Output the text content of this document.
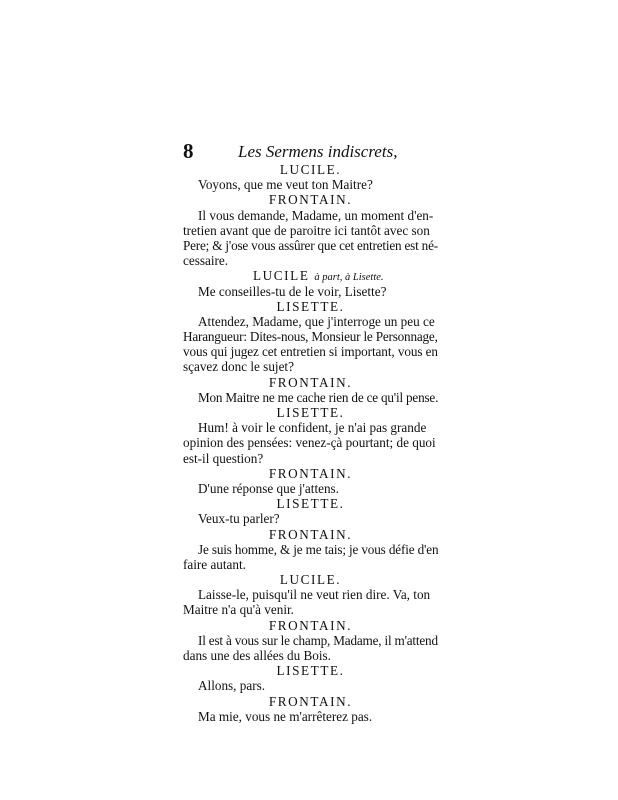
8	Les Sermens indiscrets,
LUCILE.
Voyons, que me veut ton Maitre?
FRONTAIN.
Il vous demande, Madame, un moment d'en-
tretien avant que de paroitre ici tantôt avec son
Pere; & j'ose vous assûrer que cet entretien est né-
cessaire.
LUCILE à part, à Lisette.
Me conseilles-tu de le voir, Lisette?
LISETTE.
Attendez, Madame, que j'interroge un peu ce
Harangueur: Dites-nous, Monsieur le Personnage,
vous qui jugez cet entretien si important, vous en
sçavez donc le sujet?
FRONTAIN.
Mon Maitre ne me cache rien de ce qu'il pense.
LISETTE.
Hum! à voir le confident, je n'ai pas grande
opinion des pensées: venez-çà pourtant; de quoi
est-il question?
FRONTAIN.
D'une réponse que j'attens.
LISETTE.
Veux-tu parler?
FRONTAIN.
Je suis homme, & je me tais; je vous défie d'en
faire autant.
LUCILE.
Laisse-le, puisqu'il ne veut rien dire. Va, ton
Maitre n'a qu'à venir.
FRONTAIN.
Il est à vous sur le champ, Madame, il m'attend
dans une des allées du Bois.
LISETTE.
Allons, pars.
FRONTAIN.
Ma mie, vous ne m'arrêterez pas.
